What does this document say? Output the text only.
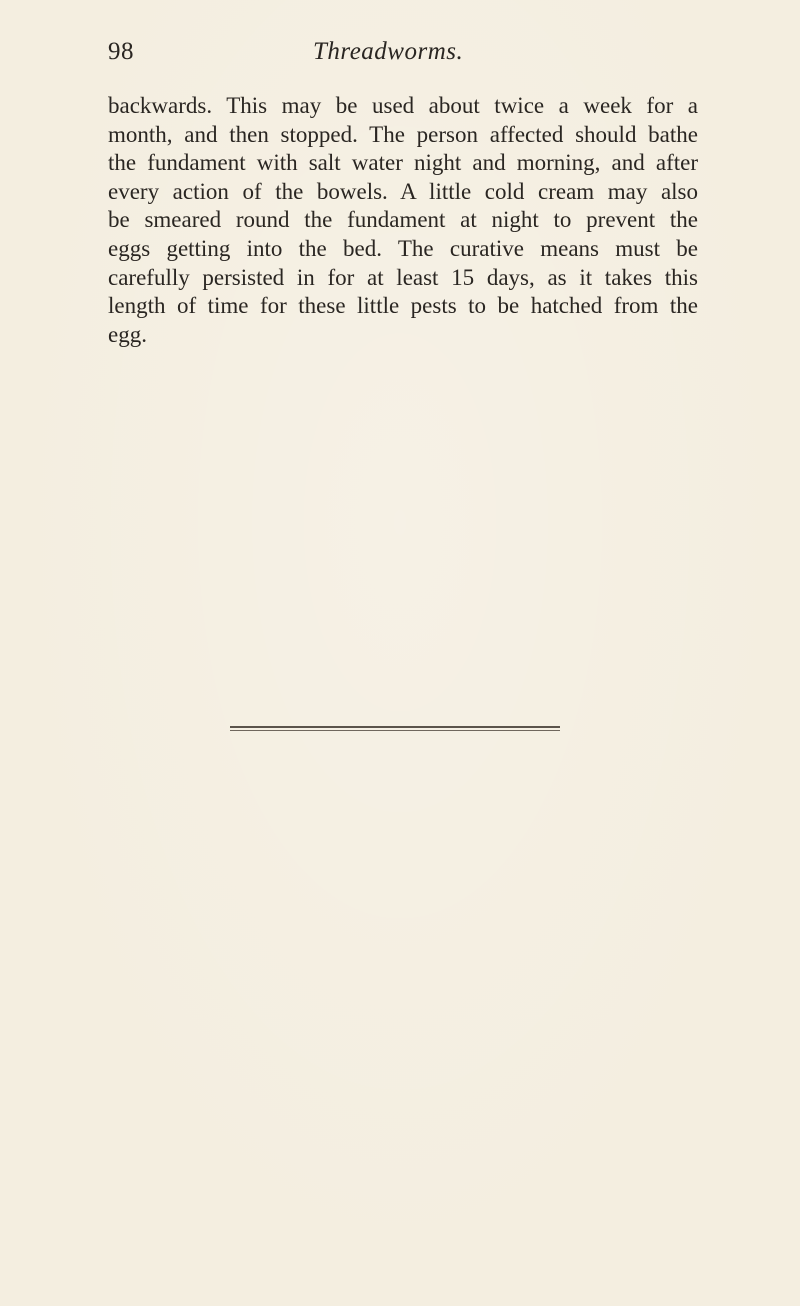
98	Threadworms.
backwards. This may be used about twice a week for a
month, and then stopped. The person affected should bathe
the fundament with salt water night and morning, and after
every action of the bowels. A little cold cream may also
be smeared round the fundament at night to prevent the
eggs getting into the bed. The curative means must be
carefully persisted in for at least 15 days, as it takes this
length of time for these little pests to be hatched from the
egg.
